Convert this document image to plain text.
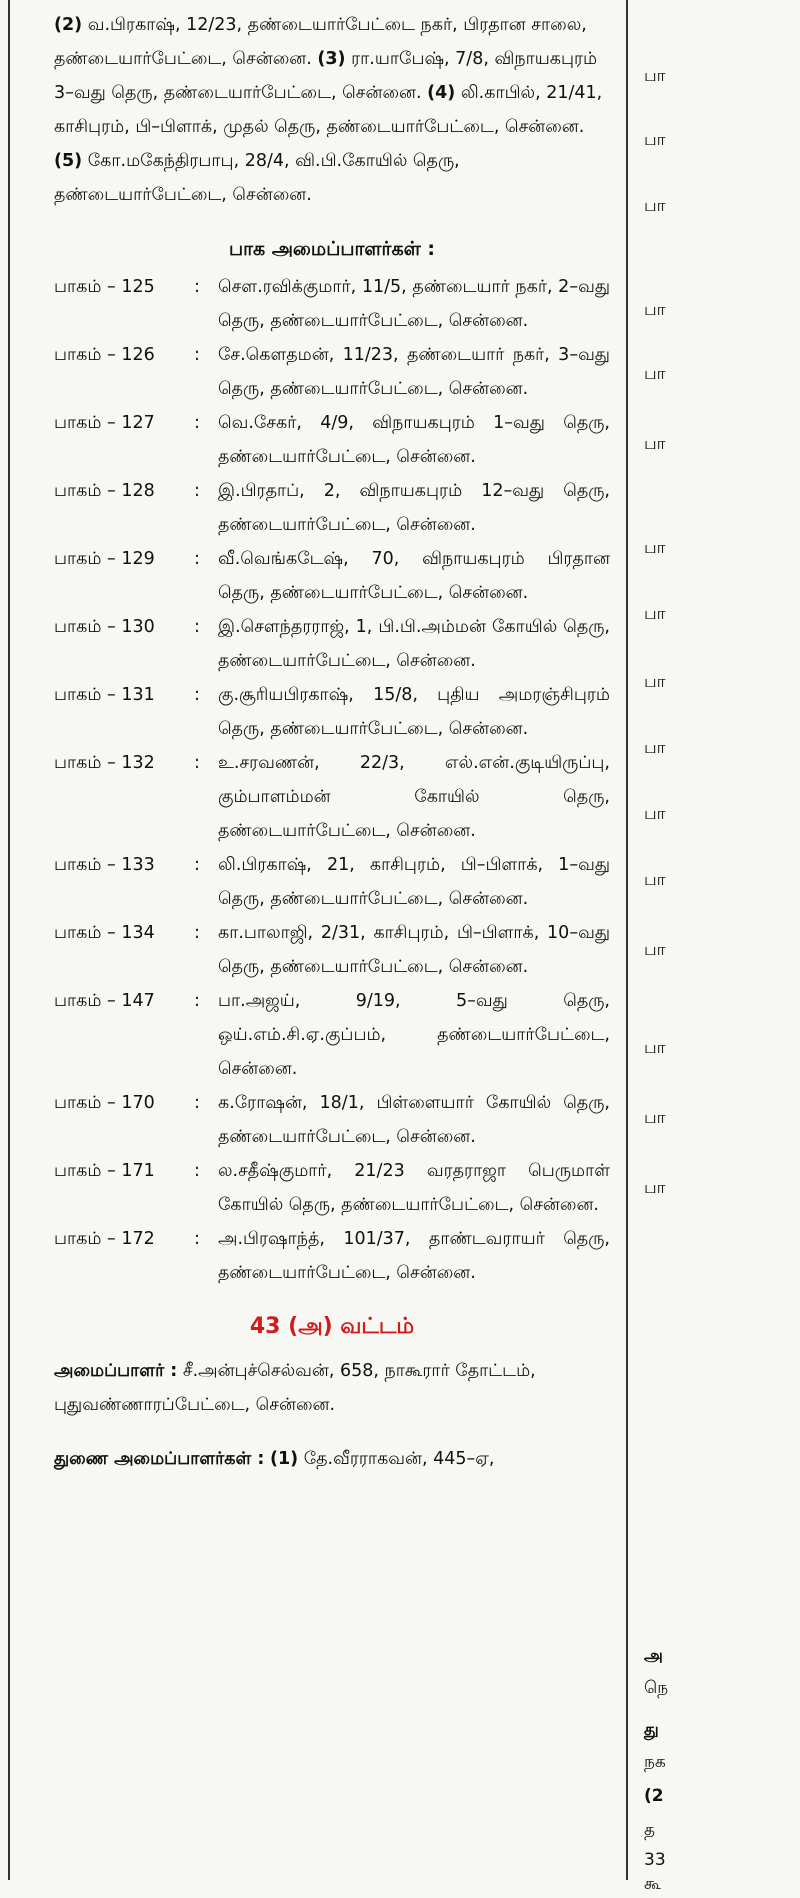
(2) வ.பிரகாஷ், 12/23, தண்டையார்பேட்டை நகர், பிரதான சாலை, தண்டையார்பேட்டை, சென்னை. (3) ரா.யாபேஷ், 7/8, விநாயகபுரம் 3–வது தெரு, தண்டையார்பேட்டை, சென்னை. (4) லி.காபில், 21/41, காசிபுரம், பி–பிளாக், முதல் தெரு, தண்டையார்பேட்டை, சென்னை. (5) கோ.மகேந்திரபாபு, 28/4, வி.பி.கோயில் தெரு, தண்டையார்பேட்டை, சென்னை.

பாக அமைப்பாளர்கள் :

பாகம் – 125	:	சௌ.ரவிக்குமார், 11/5, தண்டையார் நகர், 2–வது தெரு, தண்டையார்பேட்டை, சென்னை.
பாகம் – 126	:	சே.கௌதமன், 11/23, தண்டையார் நகர், 3–வது தெரு, தண்டையார்பேட்டை, சென்னை.
பாகம் – 127	:	வெ.சேகர், 4/9, விநாயகபுரம் 1–வது தெரு, தண்டையார்பேட்டை, சென்னை.
பாகம் – 128	:	இ.பிரதாப், 2, விநாயகபுரம் 12–வது தெரு, தண்டையார்பேட்டை, சென்னை.
பாகம் – 129	:	வீ.வெங்கடேஷ், 70, விநாயகபுரம் பிரதான தெரு, தண்டையார்பேட்டை, சென்னை.
பாகம் – 130	:	இ.சௌந்தரராஜ், 1, பி.பி.அம்மன் கோயில் தெரு, தண்டையார்பேட்டை, சென்னை.
பாகம் – 131	:	கு.சூரியபிரகாஷ், 15/8, புதிய அமரஞ்சிபுரம் தெரு, தண்டையார்பேட்டை, சென்னை.
பாகம் – 132	:	உ.சரவணன், 22/3, எல்.என்.குடியிருப்பு, கும்பாளம்மன் கோயில் தெரு, தண்டையார்பேட்டை, சென்னை.
பாகம் – 133	:	லி.பிரகாஷ், 21, காசிபுரம், பி–பிளாக், 1–வது தெரு, தண்டையார்பேட்டை, சென்னை.
பாகம் – 134	:	கா.பாலாஜி, 2/31, காசிபுரம், பி–பிளாக், 10–வது தெரு, தண்டையார்பேட்டை, சென்னை.
பாகம் – 147	:	பா.அஜய், 9/19, 5–வது தெரு, ஒய்.எம்.சி.ஏ.குப்பம், தண்டையார்பேட்டை, சென்னை.
பாகம் – 170	:	க.ரோஷன், 18/1, பிள்ளையார் கோயில் தெரு, தண்டையார்பேட்டை, சென்னை.
பாகம் – 171	:	ல.சதீஷ்குமார், 21/23 வரதராஜா பெருமாள் கோயில் தெரு, தண்டையார்பேட்டை, சென்னை.
பாகம் – 172	:	அ.பிரஷாந்த், 101/37, தாண்டவராயர் தெரு, தண்டையார்பேட்டை, சென்னை.

43 (அ) வட்டம்

அமைப்பாளர் : சீ.அன்புச்செல்வன், 658, நாகூரார் தோட்டம், புதுவண்ணாரப்பேட்டை, சென்னை.

துணை அமைப்பாளர்கள் : (1) தே.வீரராகவன், 445–ஏ,

பா
பா
பா
பா
பா
பா
பா
பா
பா
பா
பா
பா
பா
பா
பா
பா
அ
நெ
து
நக
(2
த
33
கூ
